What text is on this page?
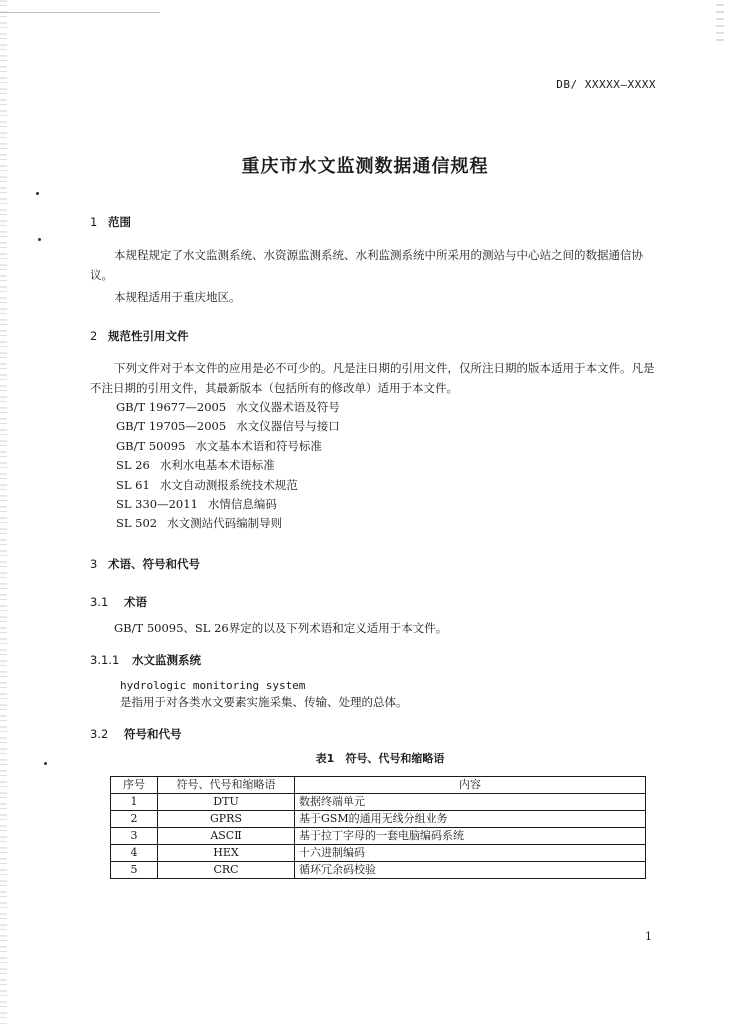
DB/ XXXXX—XXXX
重庆市水文监测数据通信规程
1 范围
本规程规定了水文监测系统、水资源监测系统、水利监测系统中所采用的测站与中心站之间的数据通信协议。
本规程适用于重庆地区。
2 规范性引用文件
下列文件对于本文件的应用是必不可少的。凡是注日期的引用文件，仅所注日期的版本适用于本文件。凡是不注日期的引用文件，其最新版本（包括所有的修改单）适用于本文件。
GB/T 19677—2005 水文仪器术语及符号
GB/T 19705—2005 水文仪器信号与接口
GB/T 50095 水文基本术语和符号标准
SL 26 水利水电基本术语标准
SL 61 水文自动测报系统技术规范
SL 330—2011 水情信息编码
SL 502 水文测站代码编制导则
3 术语、符号和代号
3.1 术语
GB/T 50095、SL 26界定的以及下列术语和定义适用于本文件。
3.1.1 水文监测系统
hydrologic monitoring system
是指用于对各类水文要素实施采集、传输、处理的总体。
3.2 符号和代号
表1　符号、代号和缩略语
序号	符号、代号和缩略语	内容
1	DTU	数据终端单元
2	GPRS	基于GSM的通用无线分组业务
3	ASCⅡ	基于拉丁字母的一套电脑编码系统
4	HEX	十六进制编码
5	CRC	循环冗余码校验
1
